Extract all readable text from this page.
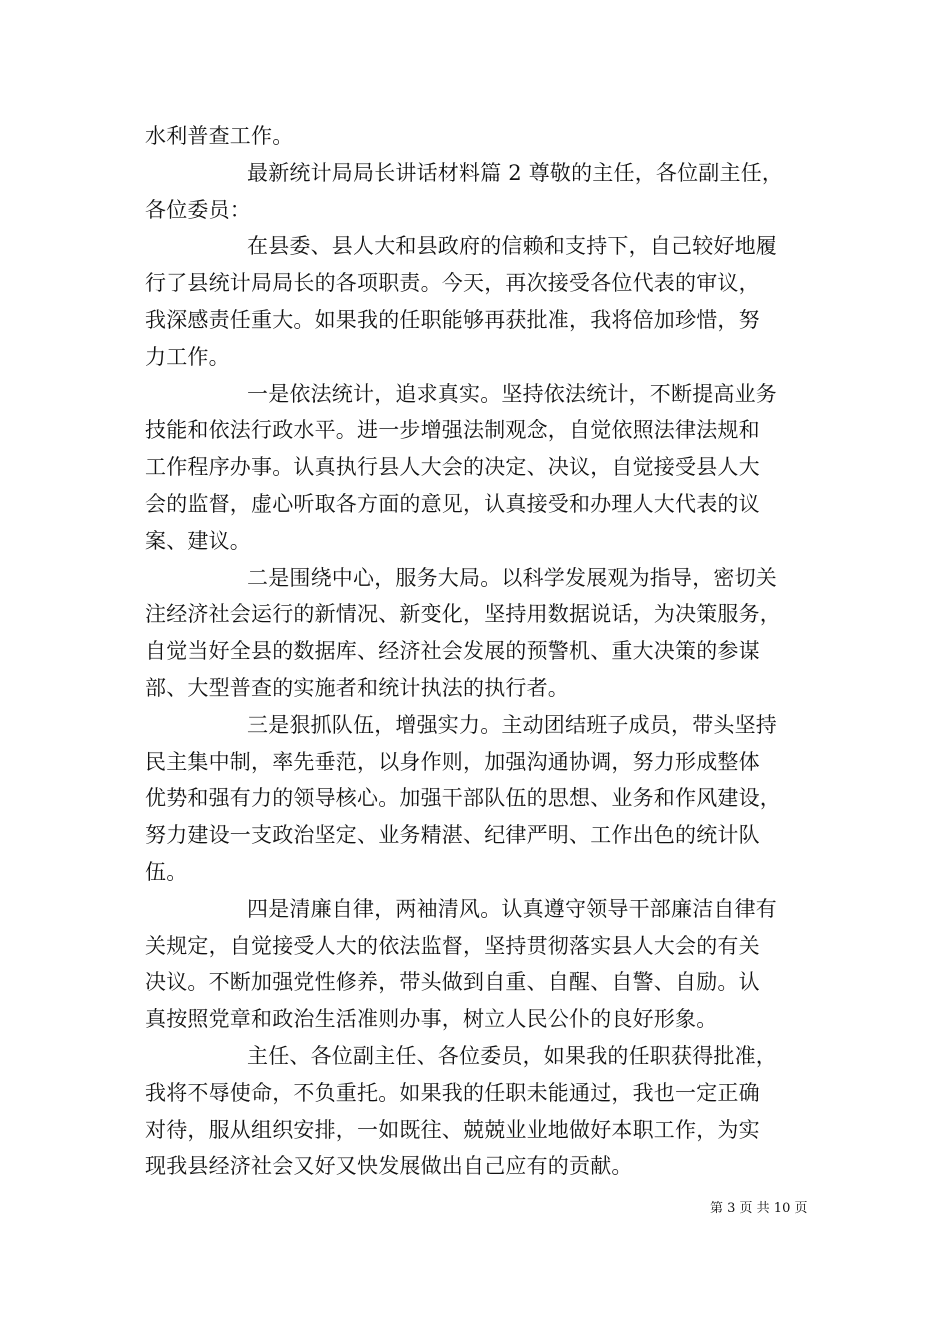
水利普查工作。
最新统计局局长讲话材料篇 2 尊敬的主任，各位副主任，
各位委员：
在县委、县人大和县政府的信赖和支持下，自己较好地履
行了县统计局局长的各项职责。今天，再次接受各位代表的审议，
我深感责任重大。如果我的任职能够再获批准，我将倍加珍惜，努
力工作。
一是依法统计，追求真实。坚持依法统计，不断提高业务
技能和依法行政水平。进一步增强法制观念，自觉依照法律法规和
工作程序办事。认真执行县人大会的决定、决议，自觉接受县人大
会的监督，虚心听取各方面的意见，认真接受和办理人大代表的议
案、建议。
二是围绕中心，服务大局。以科学发展观为指导，密切关
注经济社会运行的新情况、新变化，坚持用数据说话，为决策服务，
自觉当好全县的数据库、经济社会发展的预警机、重大决策的参谋
部、大型普查的实施者和统计执法的执行者。
三是狠抓队伍，增强实力。主动团结班子成员，带头坚持
民主集中制，率先垂范，以身作则，加强沟通协调，努力形成整体
优势和强有力的领导核心。加强干部队伍的思想、业务和作风建设，
努力建设一支政治坚定、业务精湛、纪律严明、工作出色的统计队
伍。
四是清廉自律，两袖清风。认真遵守领导干部廉洁自律有
关规定，自觉接受人大的依法监督，坚持贯彻落实县人大会的有关
决议。不断加强党性修养，带头做到自重、自醒、自警、自励。认
真按照党章和政治生活准则办事，树立人民公仆的良好形象。
主任、各位副主任、各位委员，如果我的任职获得批准，
我将不辱使命，不负重托。如果我的任职未能通过，我也一定正确
对待，服从组织安排，一如既往、兢兢业业地做好本职工作，为实
现我县经济社会又好又快发展做出自己应有的贡献。
第 3 页 共 10 页
